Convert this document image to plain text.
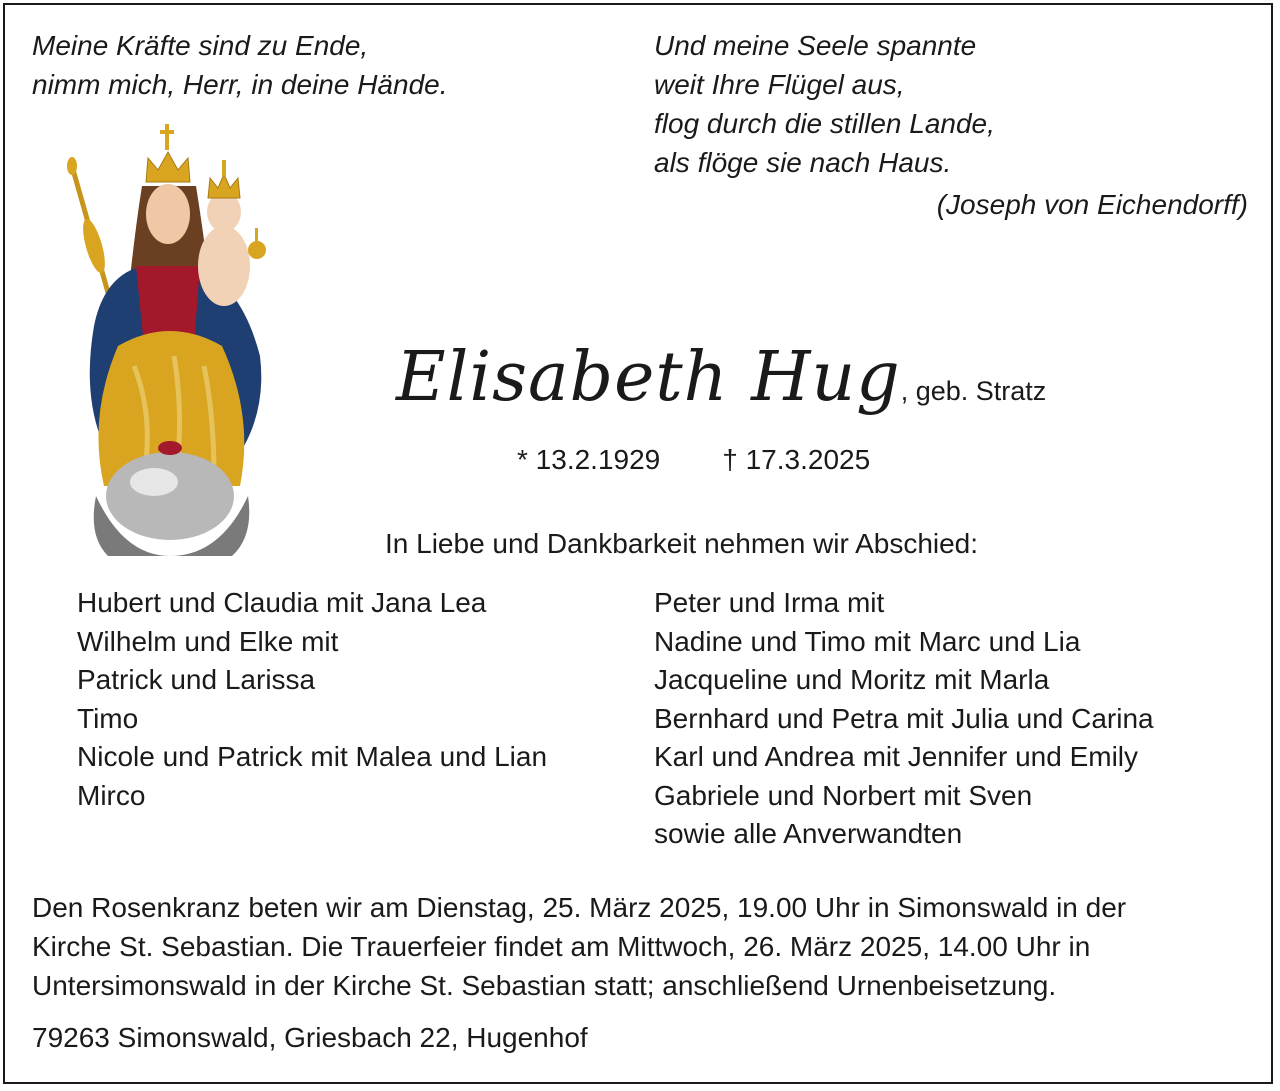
Meine Kräfte sind zu Ende,
nimm mich, Herr, in deine Hände.
Und meine Seele spannte
weit Ihre Flügel aus,
flog durch die stillen Lande,
als flöge sie nach Haus.
(Joseph von Eichendorff)
Elisabeth Hug, geb. Stratz
* 13.2.1929 † 17.3.2025
In Liebe und Dankbarkeit nehmen wir Abschied:
Hubert und Claudia mit Jana Lea
Wilhelm und Elke mit
Patrick und Larissa
Timo
Nicole und Patrick mit Malea und Lian
Mirco
Peter und Irma mit
Nadine und Timo mit Marc und Lia
Jacqueline und Moritz mit Marla
Bernhard und Petra mit Julia und Carina
Karl und Andrea mit Jennifer und Emily
Gabriele und Norbert mit Sven
sowie alle Anverwandten
Den Rosenkranz beten wir am Dienstag, 25. März 2025, 19.00 Uhr in Simonswald in der
Kirche St. Sebastian. Die Trauerfeier findet am Mittwoch, 26. März 2025, 14.00 Uhr in
Untersimonswald in der Kirche St. Sebastian statt; anschließend Urnenbeisetzung.
79263 Simonswald, Griesbach 22, Hugenhof
